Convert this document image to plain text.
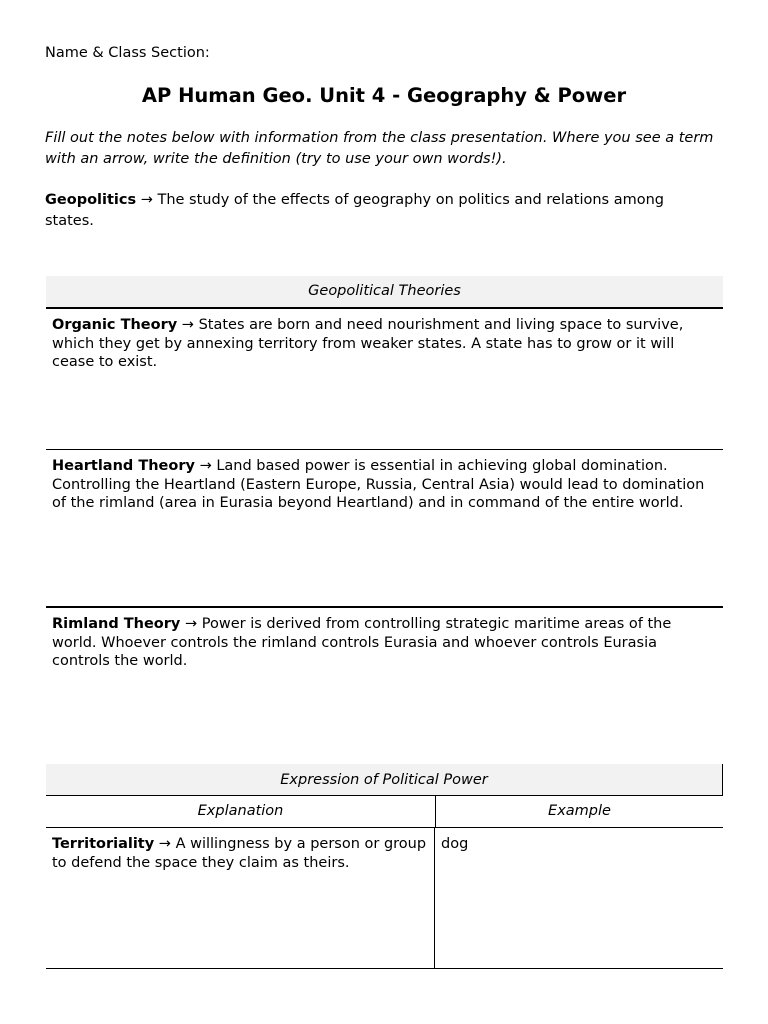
Name & Class Section:
AP Human Geo. Unit 4 - Geography & Power
Fill out the notes below with information from the class presentation. Where you see a term with an arrow, write the definition (try to use your own words!).
Geopolitics → The study of the effects of geography on politics and relations among states.
Geopolitical Theories
Organic Theory → States are born and need nourishment and living space to survive, which they get by annexing territory from weaker states. A state has to grow or it will cease to exist.
Heartland Theory → Land based power is essential in achieving global domination. Controlling the Heartland (Eastern Europe, Russia, Central Asia) would lead to domination of the rimland (area in Eurasia beyond Heartland) and in command of the entire world.
Rimland Theory → Power is derived from controlling strategic maritime areas of the world. Whoever controls the rimland controls Eurasia and whoever controls Eurasia controls the world.
Expression of Political Power
Explanation	Example
Territoriality → A willingness by a person or group to defend the space they claim as theirs.
dog
